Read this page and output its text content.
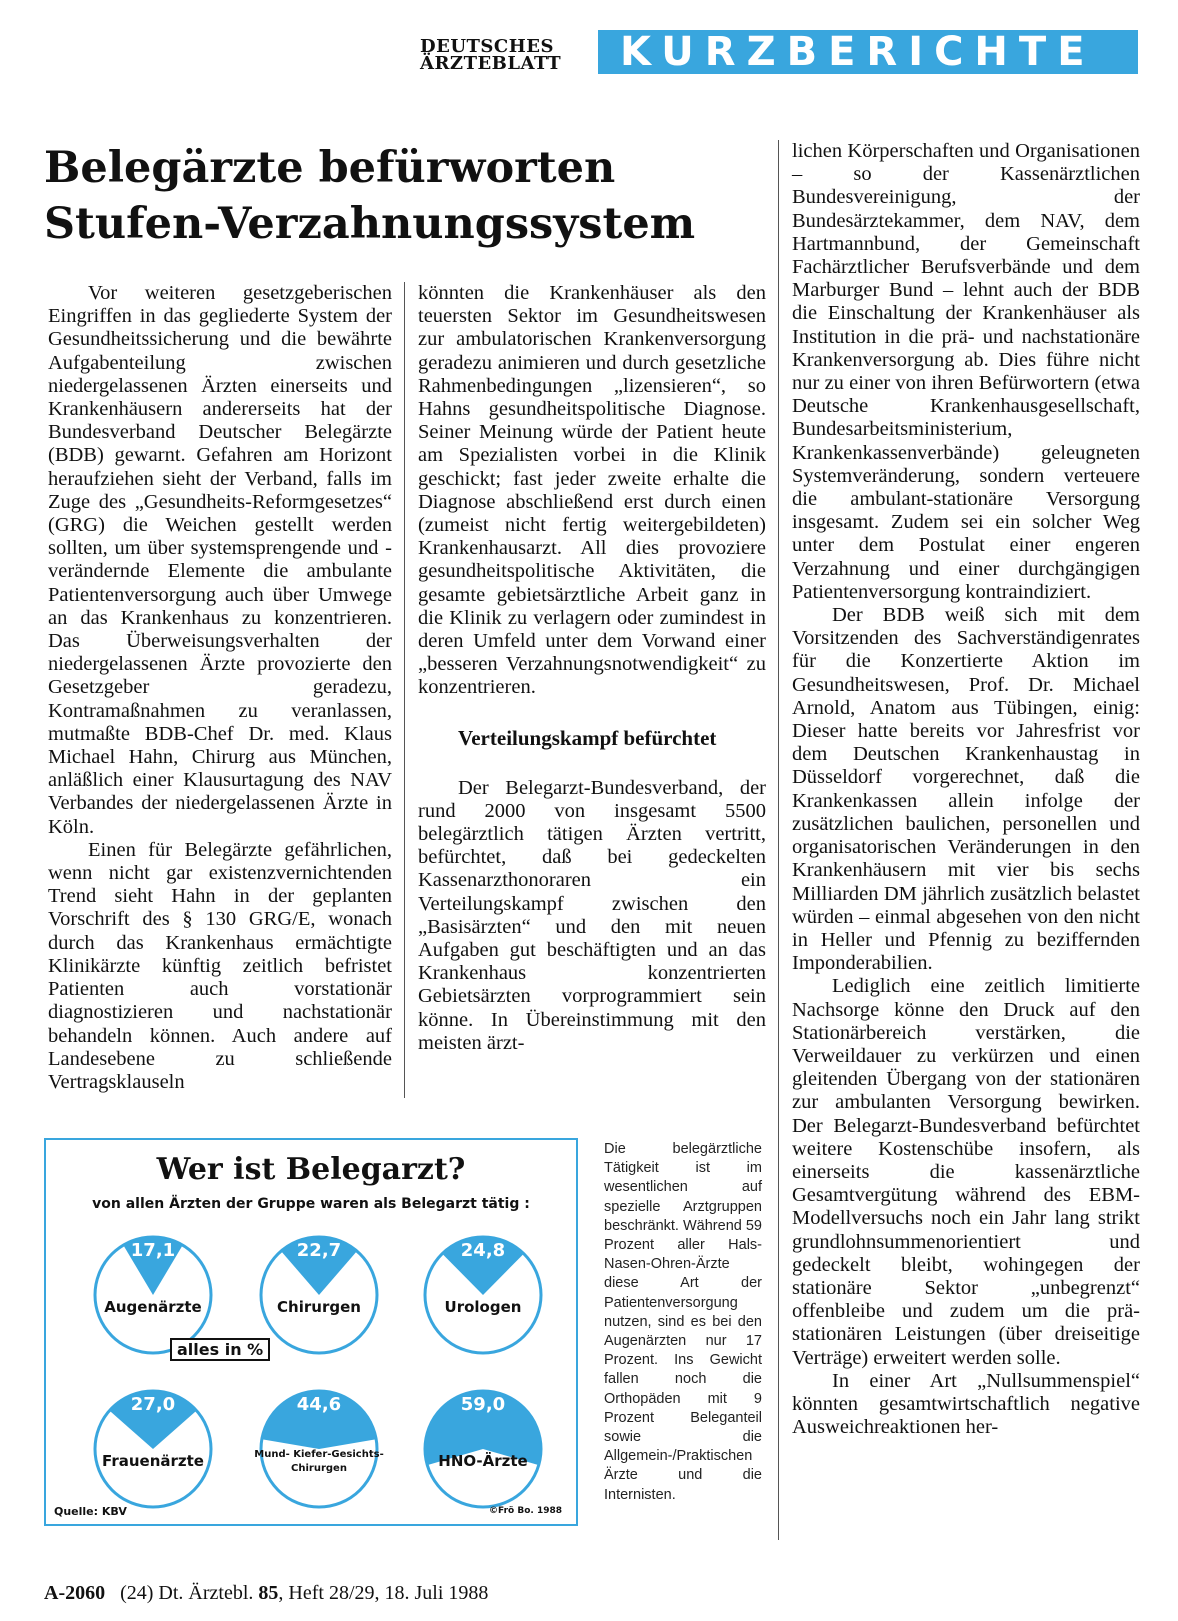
DEUTSCHES
ÄRZTEBLATT	KURZBERICHTE
Belegärzte befürworten Stufen-Verzahnungssystem

Vor weiteren gesetzgeberischen Eingriffen in das gegliederte System der Gesundheitssicherung und die bewährte Aufgabenteilung zwischen niedergelassenen Ärzten einerseits und Krankenhäusern andererseits hat der Bundesverband Deutscher Belegärzte (BDB) gewarnt. Gefahren am Horizont heraufziehen sieht der Verband, falls im Zuge des „Gesundheits-Reformgesetzes“ (GRG) die Weichen gestellt werden sollten, um über systemsprengende und -verändernde Elemente die ambulante Patientenversorgung auch über Umwege an das Krankenhaus zu konzentrieren. Das Überweisungsverhalten der niedergelassenen Ärzte provozierte den Gesetzgeber geradezu, Kontramaßnahmen zu veranlassen, mutmaßte BDB-Chef Dr. med. Klaus Michael Hahn, Chirurg aus München, anläßlich einer Klausurtagung des NAV Verbandes der niedergelassenen Ärzte in Köln.

Einen für Belegärzte gefährlichen, wenn nicht gar existenzvernichtenden Trend sieht Hahn in der geplanten Vorschrift des § 130 GRG/E, wonach durch das Krankenhaus ermächtigte Klinikärzte künftig zeitlich befristet Patienten auch vorstationär diagnostizieren und nachstationär behandeln können. Auch andere auf Landesebene zu schließende Vertragsklauseln

könnten die Krankenhäuser als den teuersten Sektor im Gesundheitswesen zur ambulatorischen Krankenversorgung geradezu animieren und durch gesetzliche Rahmenbedingungen „lizensieren“, so Hahns gesundheitspolitische Diagnose. Seiner Meinung würde der Patient heute am Spezialisten vorbei in die Klinik geschickt; fast jeder zweite erhalte die Diagnose abschließend erst durch einen (zumeist nicht fertig weitergebildeten) Krankenhausarzt. All dies provoziere gesundheitspolitische Aktivitäten, die gesamte gebietsärztliche Arbeit ganz in die Klinik zu verlagern oder zumindest in deren Umfeld unter dem Vorwand einer „besseren Verzahnungsnotwendigkeit“ zu konzentrieren.

Verteilungskampf befürchtet

Der Belegarzt-Bundesverband, der rund 2000 von insgesamt 5500 belegärztlich tätigen Ärzten vertritt, befürchtet, daß bei gedeckelten Kassenarzthonoraren ein Verteilungskampf zwischen den „Basisärzten“ und den mit neuen Aufgaben gut beschäftigten und an das Krankenhaus konzentrierten Gebietsärzten vorprogrammiert sein könne. In Übereinstimmung mit den meisten ärzt-

lichen Körperschaften und Organisationen – so der Kassenärztlichen Bundesvereinigung, der Bundesärztekammer, dem NAV, dem Hartmannbund, der Gemeinschaft Fachärztlicher Berufsverbände und dem Marburger Bund – lehnt auch der BDB die Einschaltung der Krankenhäuser als Institution in die prä- und nachstationäre Krankenversorgung ab. Dies führe nicht nur zu einer von ihren Befürwortern (etwa Deutsche Krankenhausgesellschaft, Bundesarbeitsministerium, Krankenkassenverbände) geleugneten Systemveränderung, sondern verteuere die ambulant-stationäre Versorgung insgesamt. Zudem sei ein solcher Weg unter dem Postulat einer engeren Verzahnung und einer durchgängigen Patientenversorgung kontraindiziert.

Der BDB weiß sich mit dem Vorsitzenden des Sachverständigenrates für die Konzertierte Aktion im Gesundheitswesen, Prof. Dr. Michael Arnold, Anatom aus Tübingen, einig: Dieser hatte bereits vor Jahresfrist vor dem Deutschen Krankenhaustag in Düsseldorf vorgerechnet, daß die Krankenkassen allein infolge der zusätzlichen baulichen, personellen und organisatorischen Veränderungen in den Krankenhäusern mit vier bis sechs Milliarden DM jährlich zusätzlich belastet würden – einmal abgesehen von den nicht in Heller und Pfennig zu beziffernden Imponderabilien.

Lediglich eine zeitlich limitierte Nachsorge könne den Druck auf den Stationärbereich verstärken, die Verweildauer zu verkürzen und einen gleitenden Übergang von der stationären zur ambulanten Versorgung bewirken. Der Belegarzt-Bundesverband befürchtet weitere Kostenschübe insofern, als einerseits die kassenärztliche Gesamtvergütung während des EBM-Modellversuchs noch ein Jahr lang strikt grundlohnsummenorientiert und gedeckelt bleibt, wohingegen der stationäre Sektor „unbegrenzt“ offenbleibe und zudem um die prä-stationären Leistungen (über dreiseitige Verträge) erweitert werden solle.

In einer Art „Nullsummenspiel“ könnten gesamtwirtschaftlich negative Ausweichreaktionen her-

Wer ist Belegarzt?
von allen Ärzten der Gruppe waren als Belegarzt tätig :
17,1
Augenärzte
22,7
Chirurgen
24,8
Urologen
27,0
Frauenärzte
44,6
Mund- Kiefer-Gesichts-Chirurgen
59,0
HNO-Ärzte
alles in %
Quelle: KBV	©Frö Bo. 1988
Die belegärztliche Tätigkeit ist im wesentlichen auf spezielle Arztgruppen beschränkt. Während 59 Prozent aller Hals-Nasen-Ohren-Ärzte diese Art der Patientenversorgung nutzen, sind es bei den Augenärzten nur 17 Prozent. Ins Gewicht fallen noch die Orthopäden mit 9 Prozent Beleganteil sowie die Allgemein-/Praktischen Ärzte und die Internisten.
A-2060 (24) Dt. Ärztebl. 85, Heft 28/29, 18. Juli 1988
